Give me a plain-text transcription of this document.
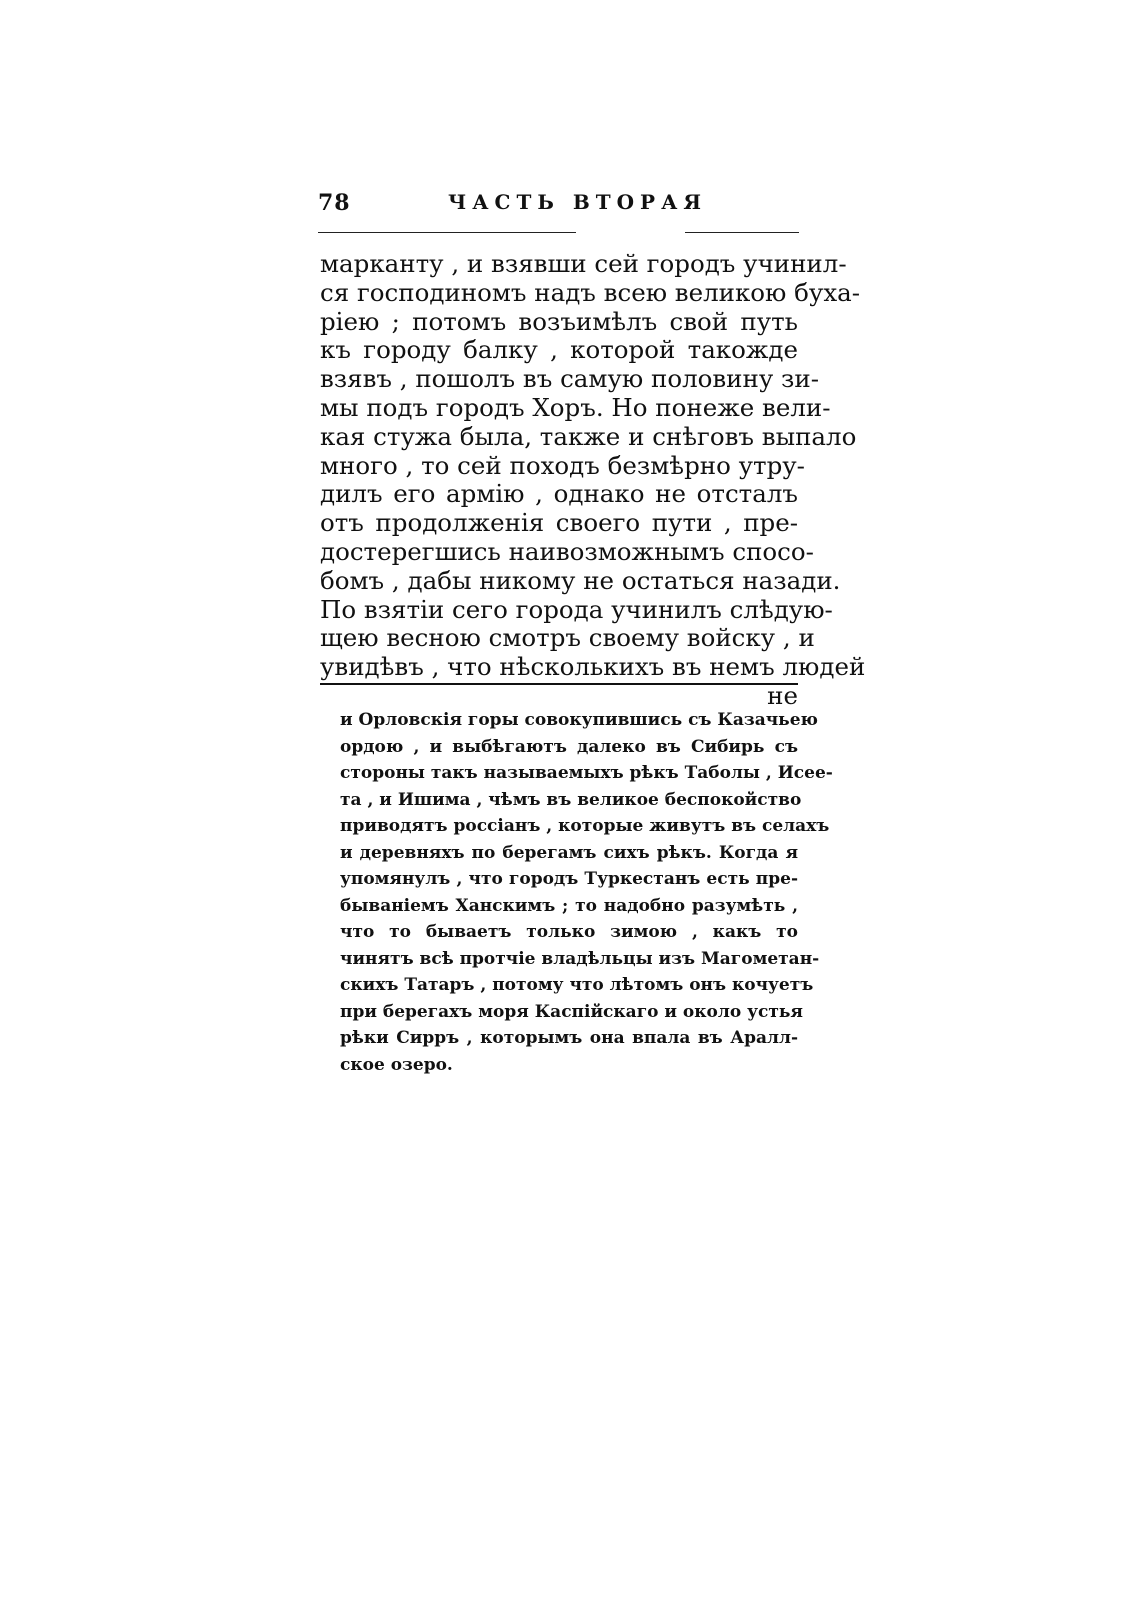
78	ЧАСТЬ ВТОРАЯ
марканту , и взявши сей городъ учинил-
ся господиномъ надъ всею великою буха-
рiею ; потомъ возъимѣлъ свой путь
къ городу балку , которой такожде
взявъ , пошолъ въ самую половину зи-
мы подъ городъ Хоръ. Но понеже вели-
кая стужа была, также и снѣговъ выпало
много , то сей походъ безмѣрно утру-
дилъ его армiю , однако не отсталъ
отъ продолженiя своего пути , пре-
достерегшись наивозможнымъ спосо-
бомъ , дабы никому не остаться назади.
По взятiи сего города учинилъ слѣдую-
щею весною смотръ своему войску , и
увидѣвъ , что нѣсколькихъ въ немъ людей
не
и Орловскiя горы совокупившись съ Казачьею
ордою , и выбѣгаютъ далеко въ Сибирь съ
стороны такъ называемыхъ рѣкъ Таболы , Исее-
та , и Ишима , чѣмъ въ великое беспокойство
приводятъ россiанъ , которые живутъ въ селахъ
и деревняхъ по берегамъ сихъ рѣкъ. Когда я
упомянулъ , что городъ Туркестанъ есть пре-
быванiемъ Ханскимъ ; то надобно разумѣть ,
что то бываетъ только зимою , какъ то
чинятъ всѣ протчiе владѣльцы изъ Магометан-
скихъ Татаръ , потому что лѣтомъ онъ кочуетъ
при берегахъ моря Каспiйскаго и около устья
рѣки Сирръ , которымъ она впала въ Аралл-
ское озеро.
